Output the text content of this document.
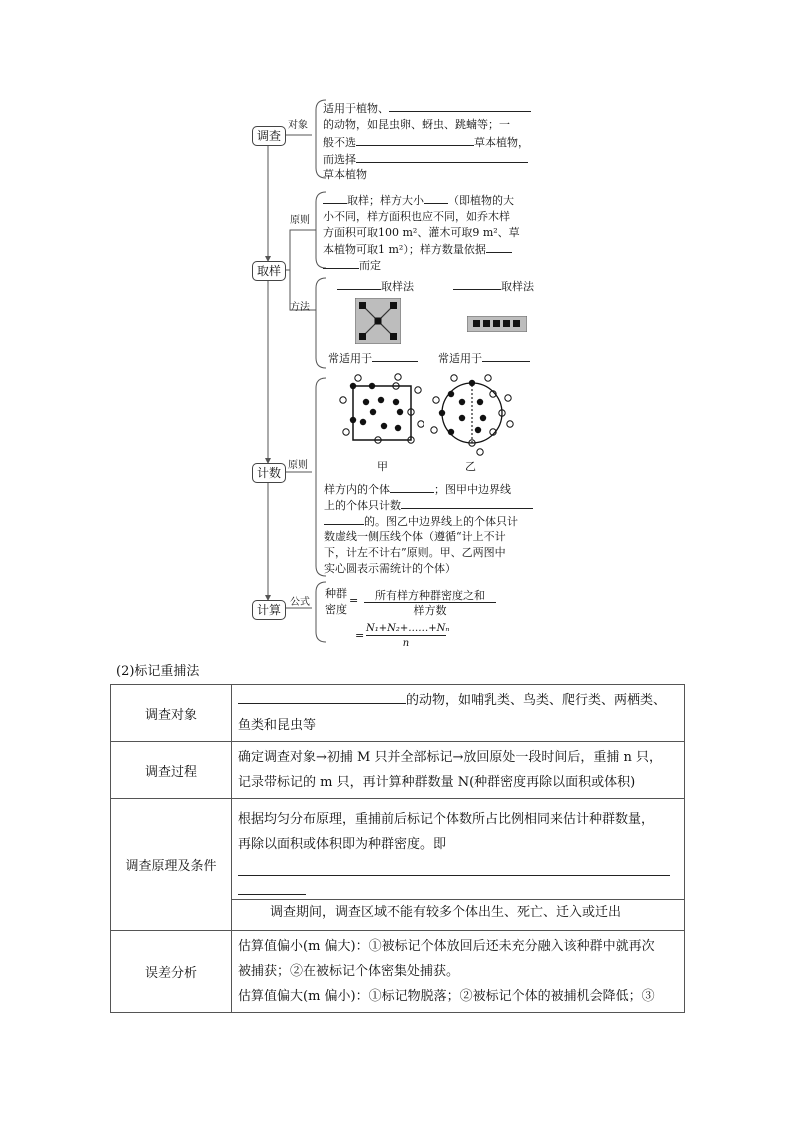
调查
取样
计数
计算
对象
原则
方法
原则
公式
适用于植物、
的动物，如昆虫卵、蚜虫、跳蝻等；一
般不选	草本植物，
而选择
草本植物
取样；样方大小 （即植物的大
小不同，样方面积也应不同，如乔木样
方面积可取100 m²、灌木可取9 m²、草
本植物可取1 m²）；样方数量依据
而定
取样法	取样法
常适用于	常适用于
甲	乙
样方内的个体	；图甲中边界线
上的个体只计数
的。图乙中边界线上的个体只计
数虚线一侧压线个体（遵循“计上不计
下，计左不计右”原则。甲、乙两图中
实心圆表示需统计的个体）
种群
密度
=	所有样方种群密度之和
样方数
=
N₁+N₂+……+Nₙ
n
(2)标记重捕法
调查对象	的动物，如哺乳类、鸟类、爬行类、两栖类、
鱼类和昆虫等

调查过程	确定调查对象→初捕 M 只并全部标记→放回原处一段时间后，重捕 n 只，
记录带标记的 m 只，再计算种群数量 N(种群密度再除以面积或体积)

调查原理及条件	根据均匀分布原理，重捕前后标记个体数所占比例相同来估计种群数量，
再除以面积或体积即为种群密度。即
调查期间，调查区域不能有较多个体出生、死亡、迁入或迁出

误差分析	估算值偏小(m 偏大)：①被标记个体放回后还未充分融入该种群中就再次
被捕获；②在被标记个体密集处捕获。
估算值偏大(m 偏小)：①标记物脱落；②被标记个体的被捕机会降低；③
